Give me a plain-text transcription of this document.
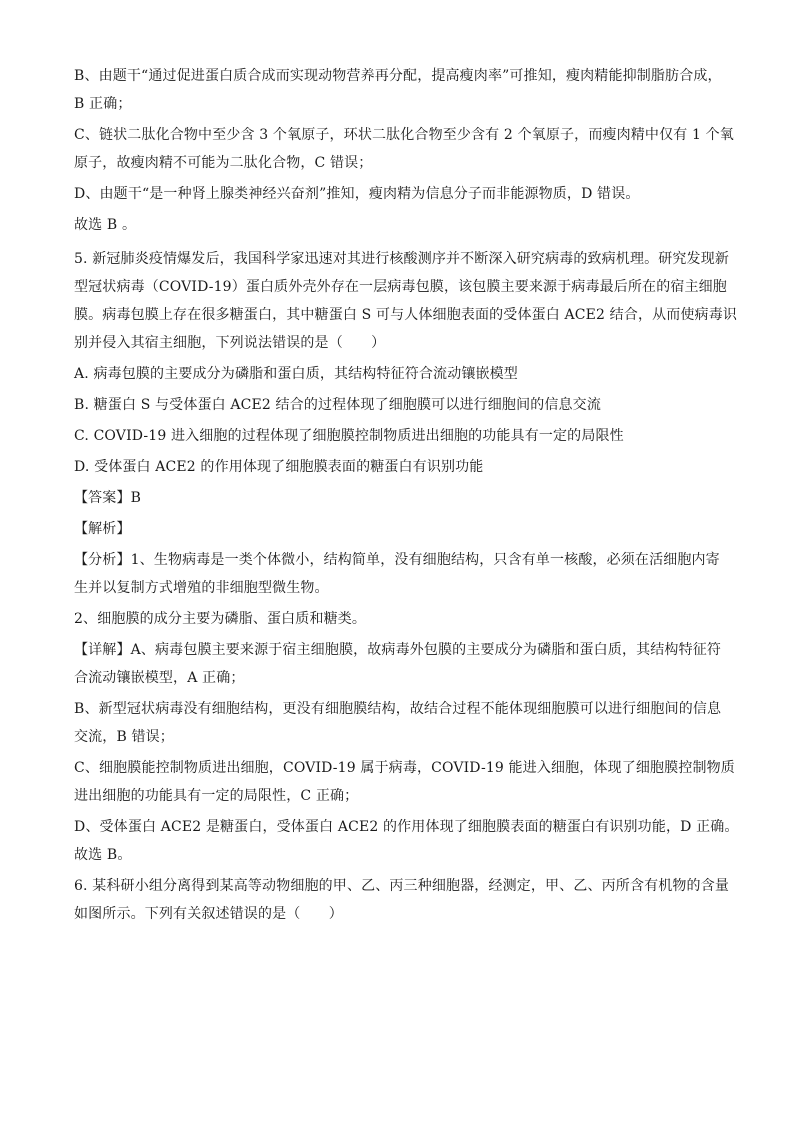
B、由题干“通过促进蛋白质合成而实现动物营养再分配，提高瘦肉率”可推知，瘦肉精能抑制脂肪合成，
B 正确；
C、链状二肽化合物中至少含 3 个氧原子，环状二肽化合物至少含有 2 个氧原子，而瘦肉精中仅有 1 个氧
原子，故瘦肉精不可能为二肽化合物，C 错误；
D、由题干“是一种肾上腺类神经兴奋剂”推知，瘦肉精为信息分子而非能源物质，D 错误。
故选 B 。
5. 新冠肺炎疫情爆发后，我国科学家迅速对其进行核酸测序并不断深入研究病毒的致病机理。研究发现新
型冠状病毒（COVID-19）蛋白质外壳外存在一层病毒包膜，该包膜主要来源于病毒最后所在的宿主细胞
膜。病毒包膜上存在很多糖蛋白，其中糖蛋白 S 可与人体细胞表面的受体蛋白 ACE2 结合，从而使病毒识
别并侵入其宿主细胞，下列说法错误的是（　　）
A. 病毒包膜的主要成分为磷脂和蛋白质，其结构特征符合流动镶嵌模型
B. 糖蛋白 S 与受体蛋白 ACE2 结合的过程体现了细胞膜可以进行细胞间的信息交流
C. COVID-19 进入细胞的过程体现了细胞膜控制物质进出细胞的功能具有一定的局限性
D. 受体蛋白 ACE2 的作用体现了细胞膜表面的糖蛋白有识别功能
【答案】B
【解析】
【分析】1、生物病毒是一类个体微小，结构简单，没有细胞结构，只含有单一核酸，必须在活细胞内寄
生并以复制方式增殖的非细胞型微生物。
2、细胞膜的成分主要为磷脂、蛋白质和糖类。
【详解】A、病毒包膜主要来源于宿主细胞膜，故病毒外包膜的主要成分为磷脂和蛋白质，其结构特征符
合流动镶嵌模型，A 正确；
B、新型冠状病毒没有细胞结构，更没有细胞膜结构，故结合过程不能体现细胞膜可以进行细胞间的信息
交流，B 错误；
C、细胞膜能控制物质进出细胞，COVID-19 属于病毒，COVID-19 能进入细胞，体现了细胞膜控制物质
进出细胞的功能具有一定的局限性，C 正确；
D、受体蛋白 ACE2 是糖蛋白，受体蛋白 ACE2 的作用体现了细胞膜表面的糖蛋白有识别功能，D 正确。
故选 B。
6. 某科研小组分离得到某高等动物细胞的甲、乙、丙三种细胞器，经测定，甲、乙、丙所含有机物的含量
如图所示。下列有关叙述错误的是（　　）
